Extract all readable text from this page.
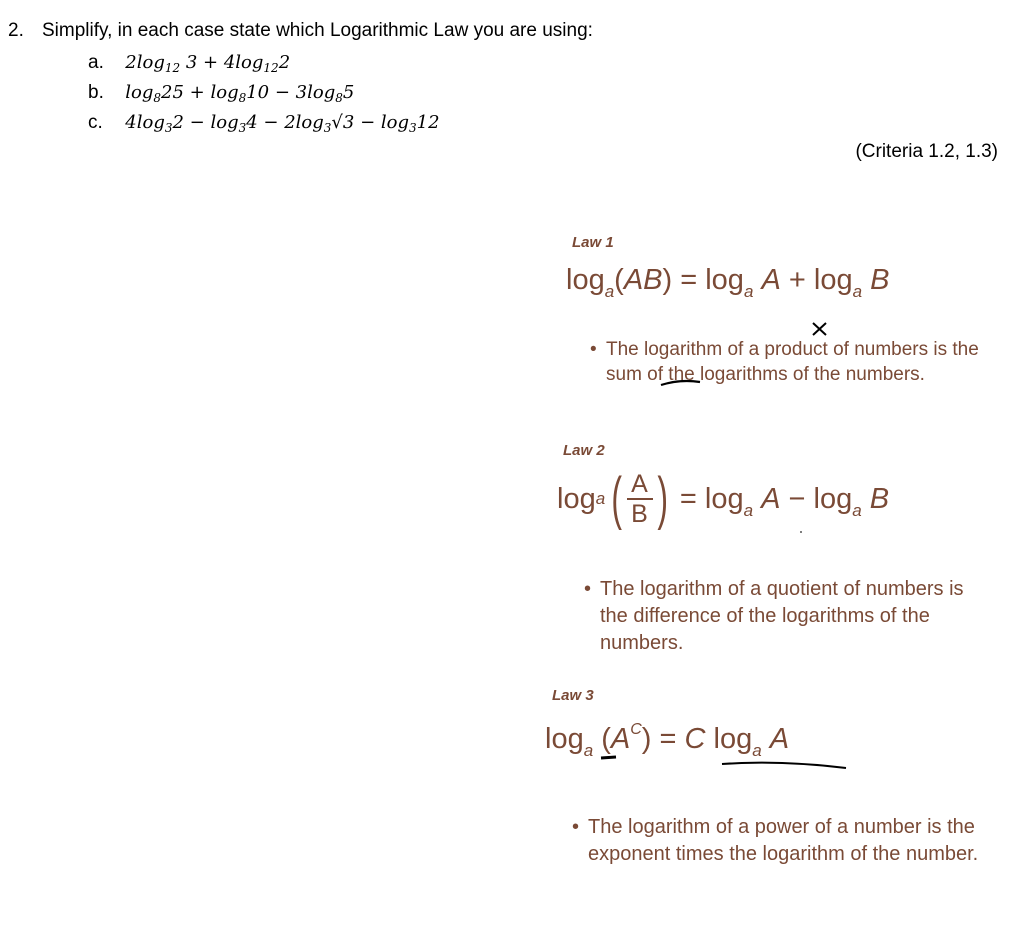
2. Simplify, in each case state which Logarithmic Law you are using:
a. $2\log_{12}$ $3 + 4\log_{12}2$
b. $\log_825 + \log_810 - 3\log_85$
c. $4\log_32 - \log_34 - 2\log_3√3 - \log_312$
(Criteria 1.2, 1.3)
Law 1
$\log_a(AB) = \log_a A + \log_a B$
• The logarithm of a product of numbers is the sum of the logarithms of the numbers.
Law 2
log a ( $\frac{A}{B}$ ) = $\log_a A - \log_a B$
• The logarithm of a quotient of numbers is the difference of the logarithms of the numbers.
Law 3
$\log_a (A^C) = C$ $\log_a A$
• The logarithm of a power of a number is the exponent times the logarithm of the number.
